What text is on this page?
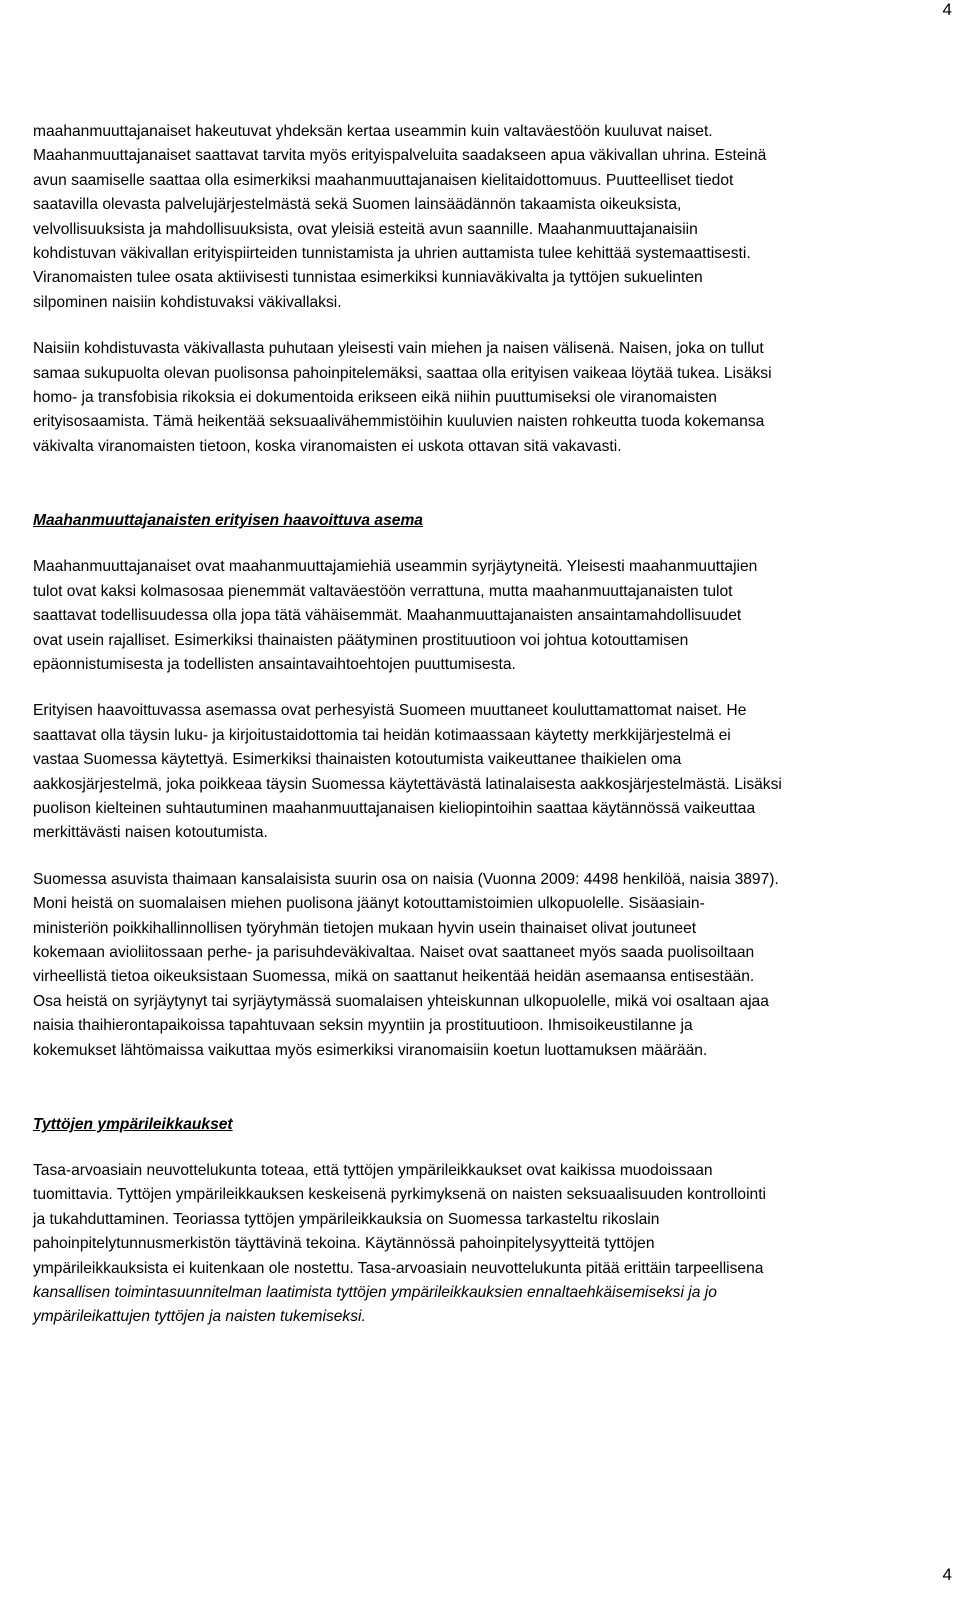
4

maahanmuuttajanaiset hakeutuvat yhdeksän kertaa useammin kuin valtaväestöön kuuluvat naiset.
Maahanmuuttajanaiset saattavat tarvita myös erityispalveluita saadakseen apua väkivallan uhrina. Esteinä
avun saamiselle saattaa olla esimerkiksi maahanmuuttajanaisen kielitaidottomuus. Puutteelliset tiedot
saatavilla olevasta palvelujärjestelmästä sekä Suomen lainsäädännön takaamista oikeuksista,
velvollisuuksista ja mahdollisuuksista, ovat yleisiä esteitä avun saannille. Maahanmuuttajanaisiin
kohdistuvan väkivallan erityispiirteiden tunnistamista ja uhrien auttamista tulee kehittää systemaattisesti.
Viranomaisten tulee osata aktiivisesti tunnistaa esimerkiksi kunniaväkivalta ja tyttöjen sukuelinten
silpominen naisiin kohdistuvaksi väkivallaksi.

Naisiin kohdistuvasta väkivallasta puhutaan yleisesti vain miehen ja naisen välisenä. Naisen, joka on tullut
samaa sukupuolta olevan puolisonsa pahoinpitelemäksi, saattaa olla erityisen vaikeaa löytää tukea. Lisäksi
homo- ja transfobisia rikoksia ei dokumentoida erikseen eikä niihin puuttumiseksi ole viranomaisten
erityisosaamista. Tämä heikentää seksuaalivähemmistöihin kuuluvien naisten rohkeutta tuoda kokemansa
väkivalta viranomaisten tietoon, koska viranomaisten ei uskota ottavan sitä vakavasti.

Maahanmuuttajanaisten erityisen haavoittuva asema

Maahanmuuttajanaiset ovat maahanmuuttajamiehiä useammin syrjäytyneitä. Yleisesti maahanmuuttajien
tulot ovat kaksi kolmasosaa pienemmät valtaväestöön verrattuna, mutta maahanmuuttajanaisten tulot
saattavat todellisuudessa olla jopa tätä vähäisemmät. Maahanmuuttajanaisten ansaintamahdollisuudet
ovat usein rajalliset. Esimerkiksi thainaisten päätyminen prostituutioon voi johtua kotouttamisen
epäonnistumisesta ja todellisten ansaintavaihtoehtojen puuttumisesta.

Erityisen haavoittuvassa asemassa ovat perhesyistä Suomeen muuttaneet kouluttamattomat naiset. He
saattavat olla täysin luku- ja kirjoitustaidottomia tai heidän kotimaassaan käytetty merkkijärjestelmä ei
vastaa Suomessa käytettyä. Esimerkiksi thainaisten kotoutumista vaikeuttanee thaikielen oma
aakkosjärjestelmä, joka poikkeaa täysin Suomessa käytettävästä latinalaisesta aakkosjärjestelmästä. Lisäksi
puolison kielteinen suhtautuminen maahanmuuttajanaisen kieliopintoihin saattaa käytännössä vaikeuttaa
merkittävästi naisen kotoutumista.

Suomessa asuvista thaimaan kansalaisista suurin osa on naisia (Vuonna 2009: 4498 henkilöä, naisia 3897).
Moni heistä on suomalaisen miehen puolisona jäänyt kotouttamistoimien ulkopuolelle. Sisäasiain-
ministeriön poikkihallinnollisen työryhmän tietojen mukaan hyvin usein thainaiset olivat joutuneet
kokemaan avioliitossaan perhe- ja parisuhdeväkivaltaa. Naiset ovat saattaneet myös saada puolisoiltaan
virheellistä tietoa oikeuksistaan Suomessa, mikä on saattanut heikentää heidän asemaansa entisestään.
Osa heistä on syrjäytynyt tai syrjäytymässä suomalaisen yhteiskunnan ulkopuolelle, mikä voi osaltaan ajaa
naisia thaihierontapaikoissa tapahtuvaan seksin myyntiin ja prostituutioon. Ihmisoikeustilanne ja
kokemukset lähtömaissa vaikuttaa myös esimerkiksi viranomaisiin koetun luottamuksen määrään.

Tyttöjen ympärileikkaukset

Tasa-arvoasiain neuvottelukunta toteaa, että tyttöjen ympärileikkaukset ovat kaikissa muodoissaan
tuomittavia. Tyttöjen ympärileikkauksen keskeisenä pyrkimyksenä on naisten seksuaalisuuden kontrollointi
ja tukahduttaminen. Teoriassa tyttöjen ympärileikkauksia on Suomessa tarkasteltu rikoslain
pahoinpitelytunnusmerkistön täyttävinä tekoina. Käytännössä pahoinpitelysyytteitä tyttöjen
ympärileikkauksista ei kuitenkaan ole nostettu. Tasa-arvoasiain neuvottelukunta pitää erittäin tarpeellisena
kansallisen toimintasuunnitelman laatimista tyttöjen ympärileikkauksien ennaltaehkäisemiseksi ja jo
ympärileikattujen tyttöjen ja naisten tukemiseksi.

4
